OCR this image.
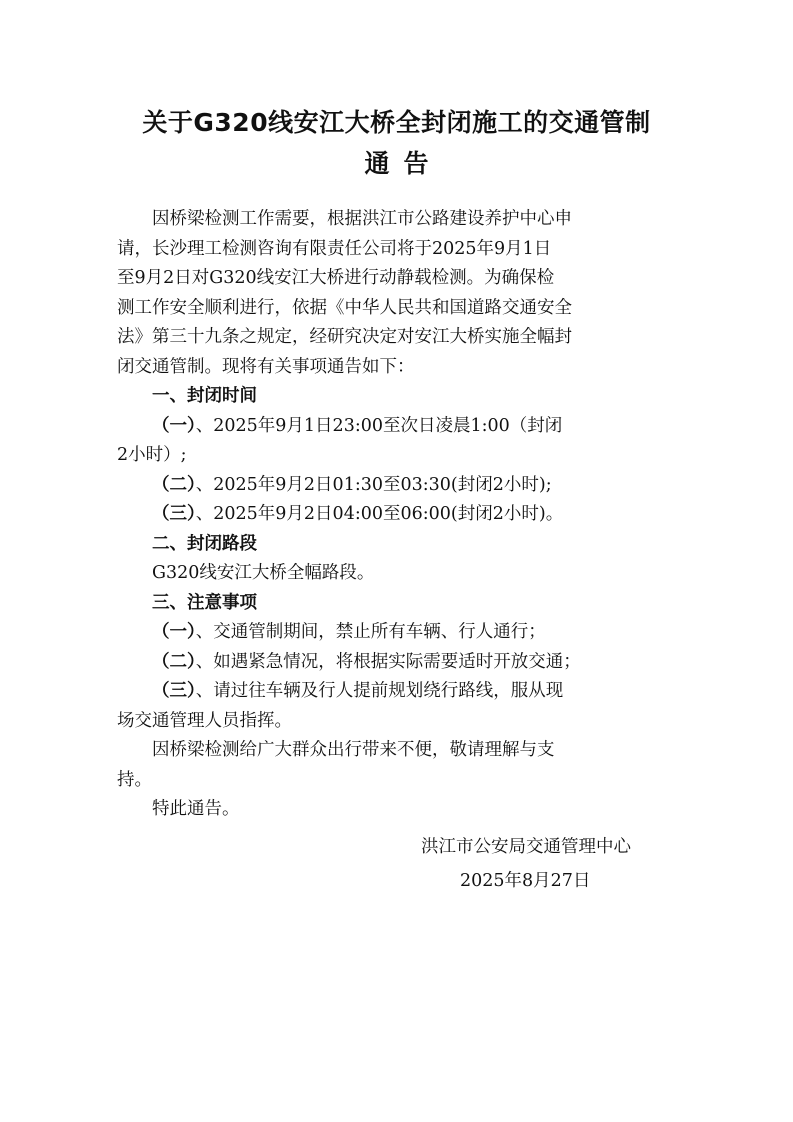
关于G320线安江大桥全封闭施工的交通管制
通告
因桥梁检测工作需要，根据洪江市公路建设养护中心申
请，长沙理工检测咨询有限责任公司将于2025年9月1日
至9月2日对G320线安江大桥进行动静载检测。为确保检
测工作安全顺利进行，依据《中华人民共和国道路交通安全
法》第三十九条之规定，经研究决定对安江大桥实施全幅封
闭交通管制。现将有关事项通告如下：
一、封闭时间
（一）、2025年9月1日23:00至次日凌晨1:00（封闭
2小时）;
（二）、2025年9月2日01:30至03:30(封闭2小时);
（三）、2025年9月2日04:00至06:00(封闭2小时)。
二、封闭路段
G320线安江大桥全幅路段。
三、注意事项
（一）、交通管制期间，禁止所有车辆、行人通行；
（二）、如遇紧急情况，将根据实际需要适时开放交通；
（三）、请过往车辆及行人提前规划绕行路线，服从现
场交通管理人员指挥。
因桥梁检测给广大群众出行带来不便，敬请理解与支
持。
特此通告。
洪江市公安局交通管理中心
2025年8月27日
